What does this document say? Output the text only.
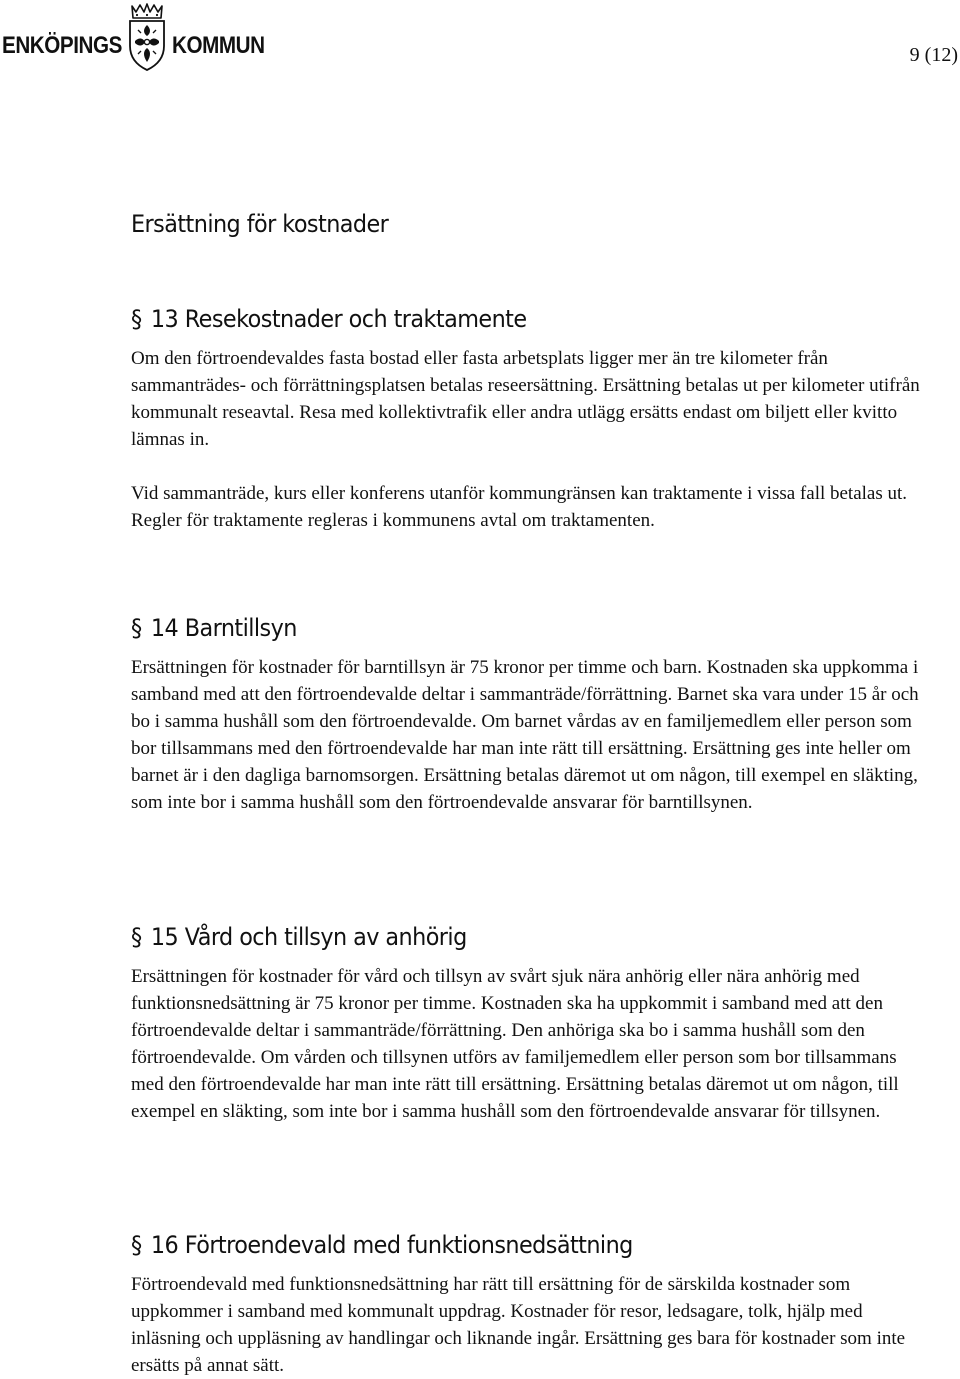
ENKÖPINGS KOMMUN	9 (12)
Ersättning för kostnader
§ 13 Resekostnader och traktamente

Om den förtroendevaldes fasta bostad eller fasta arbetsplats ligger mer än tre kilometer från sammanträdes- och förrättningsplatsen betalas reseersättning. Ersättning betalas ut per kilometer utifrån kommunalt reseavtal. Resa med kollektivtrafik eller andra utlägg ersätts endast om biljett eller kvitto lämnas in.

Vid sammanträde, kurs eller konferens utanför kommungränsen kan traktamente i vissa fall betalas ut. Regler för traktamente regleras i kommunens avtal om traktamenten.

§ 14 Barntillsyn

Ersättningen för kostnader för barntillsyn är 75 kronor per timme och barn. Kostnaden ska uppkomma i samband med att den förtroendevalde deltar i sammanträde/förrättning. Barnet ska vara under 15 år och bo i samma hushåll som den förtroendevalde. Om barnet vårdas av en familjemedlem eller person som bor tillsammans med den förtroendevalde har man inte rätt till ersättning. Ersättning ges inte heller om barnet är i den dagliga barnomsorgen. Ersättning betalas däremot ut om någon, till exempel en släkting, som inte bor i samma hushåll som den förtroendevalde ansvarar för barntillsynen.

§ 15 Vård och tillsyn av anhörig

Ersättningen för kostnader för vård och tillsyn av svårt sjuk nära anhörig eller nära anhörig med funktionsnedsättning är 75 kronor per timme. Kostnaden ska ha uppkommit i samband med att den förtroendevalde deltar i sammanträde/förrättning. Den anhöriga ska bo i samma hushåll som den förtroendevalde. Om vården och tillsynen utförs av familjemedlem eller person som bor tillsammans med den förtroendevalde har man inte rätt till ersättning. Ersättning betalas däremot ut om någon, till exempel en släkting, som inte bor i samma hushåll som den förtroendevalde ansvarar för tillsynen.

§ 16 Förtroendevald med funktionsnedsättning

Förtroendevald med funktionsnedsättning har rätt till ersättning för de särskilda kostnader som uppkommer i samband med kommunalt uppdrag. Kostnader för resor, ledsagare, tolk, hjälp med inläsning och uppläsning av handlingar och liknande ingår. Ersättning ges bara för kostnader som inte ersätts på annat sätt.
